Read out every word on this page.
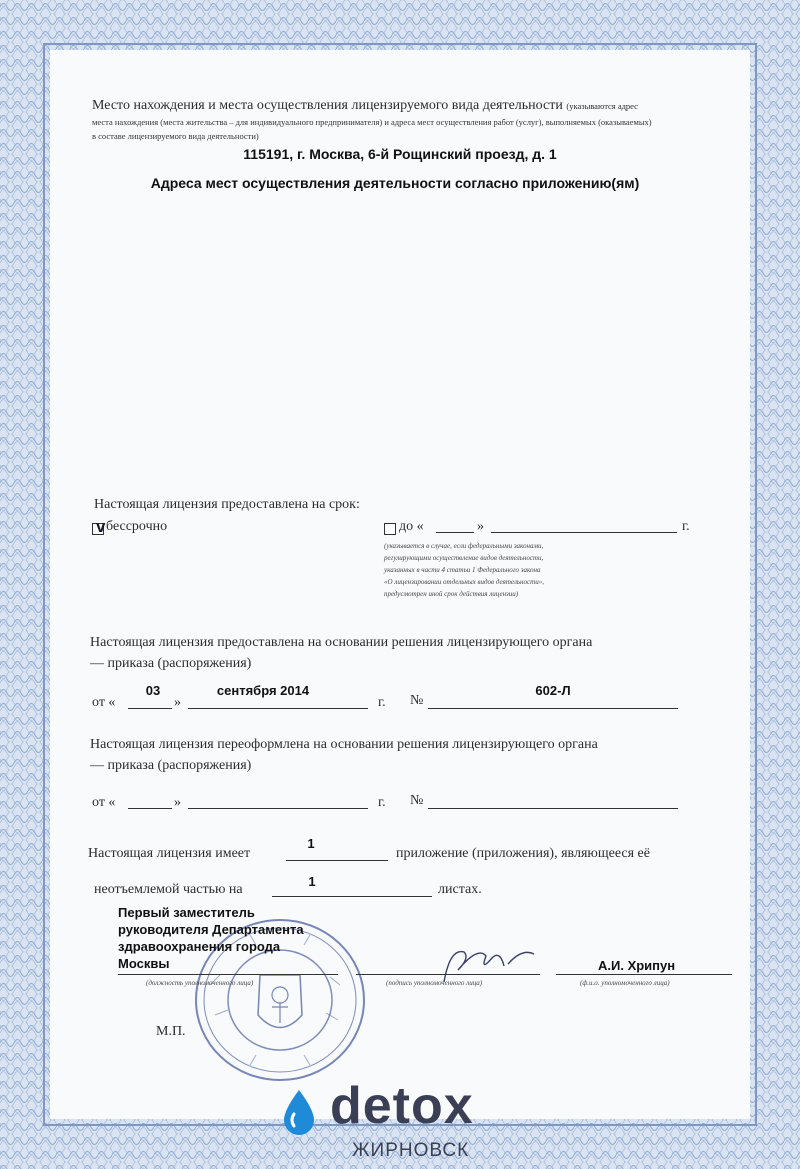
Место нахождения и места осуществления лицензируемого вида деятельности (указываются адрес
места нахождения (места жительства – для индивидуального предпринимателя) и адреса мест осуществления работ (услуг), выполняемых (оказываемых)
в составе лицензируемого вида деятельности)
115191, г. Москва, 6-й Рощинский проезд, д. 1
Адреса мест осуществления деятельности согласно приложению(ям)
Настоящая лицензия предоставлена на срок:
v бессрочно	до «	»	г.
(указывается в случае, если федеральными законами,
регулирующими осуществление видов деятельности,
указанных в части 4 статьи 1 Федерального закона
«О лицензировании отдельных видов деятельности»,
предусмотрен иной срок действия лицензии)
Настоящая лицензия предоставлена на основании решения лицензирующего органа
— приказа (распоряжения)
от «
03
»
сентября 2014
г. №
602-Л
Настоящая лицензия переоформлена на основании решения лицензирующего органа
— приказа (распоряжения)
от «	»	г. №
Настоящая лицензия имеет
1
приложение (приложения), являющееся её
неотъемлемой частью на
1
листах.
Первый заместитель
руководителя Департамента
здравоохранения города
Москвы
(должность уполномоченного лица)	(подпись уполномоченного лица)
А.И. Хрипун
(ф.и.о. уполномоченного лица)
М.П.
detox
ЖИРНОВСК
